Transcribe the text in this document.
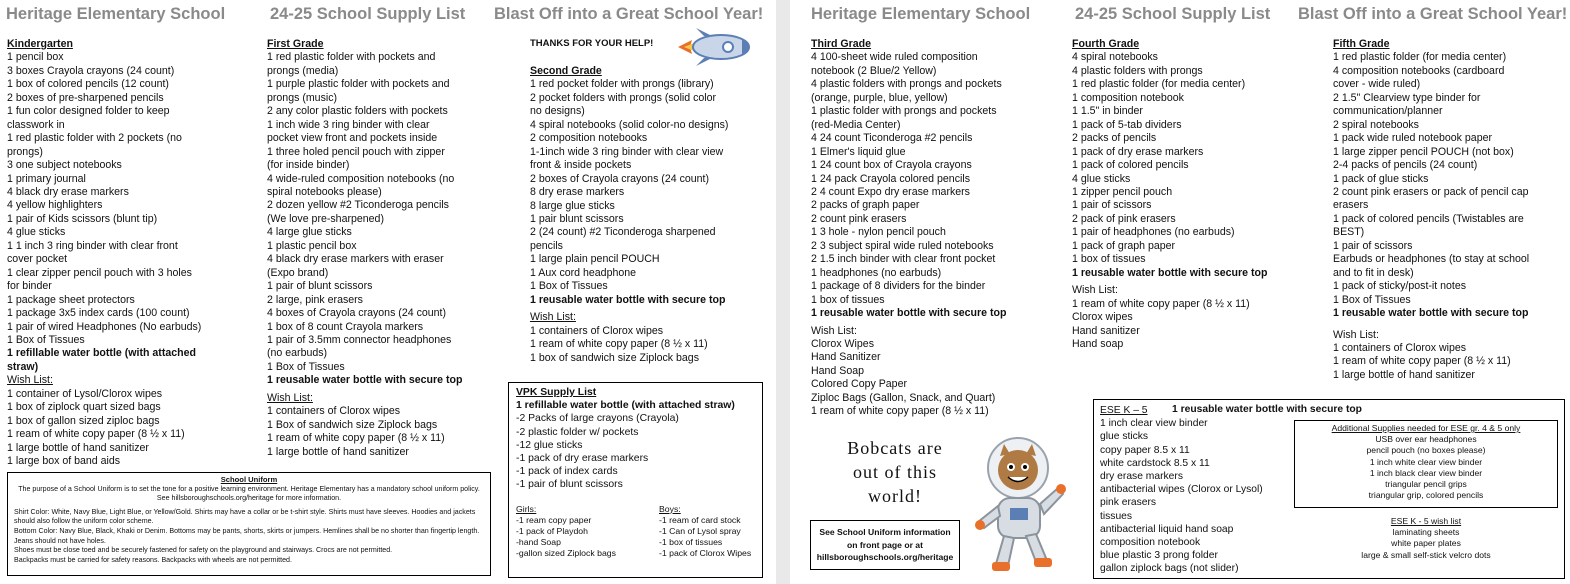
Heritage Elementary School	24-25 School Supply List Blast Off into a Great School Year!
Kindergarten
1 pencil box
3 boxes Crayola crayons (24 count)
1 box of colored pencils (12 count)
2 boxes of pre-sharpened pencils
1 fun color designed folder to keep
classwork in
1 red plastic folder with 2 pockets (no
prongs)
3 one subject notebooks
1 primary journal
4 black dry erase markers
4 yellow highlighters
1 pair of Kids scissors (blunt tip)
4 glue sticks
1 1 inch 3 ring binder with clear front
cover pocket
1 clear zipper pencil pouch with 3 holes
for binder
1 package sheet protectors
1 package 3x5 index cards (100 count)
1 pair of wired Headphones (No earbuds)
1 Box of Tissues
1 refillable water bottle (with attached
straw)
Wish List:
1 container of Lysol/Clorox wipes
1 box of ziplock quart sized bags
1 box of gallon sized ziploc bags
1 ream of white copy paper (8 ½ x 11)
1 large bottle of hand sanitizer
1 large box of band aids
First Grade
1 red plastic folder with pockets and
prongs (media)
1 purple plastic folder with pockets and
prongs (music)
2 any color plastic folders with pockets
1 inch wide 3 ring binder with clear
pocket view front and pockets inside
1 three holed pencil pouch with zipper
(for inside binder)
4 wide-ruled composition notebooks (no
spiral notebooks please)
2 dozen yellow #2 Ticonderoga pencils
(We love pre-sharpened)
4 large glue sticks
1 plastic pencil box
4 black dry erase markers with eraser
(Expo brand)
1 pair of blunt scissors
2 large, pink erasers
4 boxes of Crayola crayons (24 count)
1 box of 8 count Crayola markers
1 pair of 3.5mm connector headphones
(no earbuds)
1 Box of Tissues
1 reusable water bottle with secure top
Wish List:
1 containers of Clorox wipes
1 Box of sandwich size Ziplock bags
1 ream of white copy paper (8 ½ x 11)
1 large bottle of hand sanitizer
THANKS FOR YOUR HELP!
Second Grade
1 red pocket folder with prongs (library)
2 pocket folders with prongs (solid color
no designs)
4 spiral notebooks (solid color-no designs)
2 composition notebooks
1-1inch wide 3 ring binder with clear view
front & inside pockets
2 boxes of Crayola crayons (24 count)
8 dry erase markers
8 large glue sticks
1 pair blunt scissors
2 (24 count) #2 Ticonderoga sharpened
pencils
1 large plain pencil POUCH
1 Aux cord headphone
1 Box of Tissues
1 reusable water bottle with secure top
Wish List:
1 containers of Clorox wipes
1 ream of white copy paper (8 ½ x 11)
1 box of sandwich size Ziplock bags
VPK Supply List
1 refillable water bottle (with attached straw)
-2 Packs of large crayons (Crayola)
-2 plastic folder w/ pockets
-12 glue sticks
-1 pack of dry erase markers
-1 pack of index cards
-1 pair of blunt scissors
Girls:
-1 ream copy paper
-1 pack of Playdoh
-hand Soap
-gallon sized Ziplock bags
Boys:
-1 ream of card stock
-1 Can of Lysol spray
-1 box of tissues
-1 pack of Clorox Wipes
School Uniform
The purpose of a School Uniform is to set the tone for a positive learning environment. Heritage Elementary has a mandatory school uniform policy. See hillsboroughschools.org/heritage for more information.
Shirt Color: White, Navy Blue, Light Blue, or Yellow/Gold. Shirts may have a collar or be t-shirt style. Shirts must have sleeves. Hoodies and jackets should also follow the uniform color scheme.
Bottom Color: Navy Blue, Black, Khaki or Denim. Bottoms may be pants, shorts, skirts or jumpers. Hemlines shall be no shorter than fingertip length. Jeans should not have holes.
Shoes must be close toed and be securely fastened for safety on the playground and stairways. Crocs are not permitted.
Backpacks must be carried for safety reasons. Backpacks with wheels are not permitted.
Heritage Elementary School	24-25 School Supply List Blast Off into a Great School Year!
Third Grade
4 100-sheet wide ruled composition
notebook (2 Blue/2 Yellow)
4 plastic folders with prongs and pockets
(orange, purple, blue, yellow)
1 plastic folder with prongs and pockets
(red-Media Center)
4 24 count Ticonderoga #2 pencils
1 Elmer's liquid glue
1 24 count box of Crayola crayons
1 24 pack Crayola colored pencils
2 4 count Expo dry erase markers
2 packs of graph paper
2 count pink erasers
1 3 hole - nylon pencil pouch
2 3 subject spiral wide ruled notebooks
2 1.5 inch binder with clear front pocket
1 headphones (no earbuds)
1 package of 8 dividers for the binder
1 box of tissues
1 reusable water bottle with secure top
Wish List:
Clorox Wipes
Hand Sanitizer
Hand Soap
Colored Copy Paper
Ziploc Bags (Gallon, Snack, and Quart)
1 ream of white copy paper (8 ½ x 11)
Bobcats are
out of this
world!
See School Uniform information
on front page or at
hillsboroughschools.org/heritage
Fourth Grade
4 spiral notebooks
4 plastic folders with prongs
1 red plastic folder (for media center)
1 composition notebook
1 1.5" in binder
1 pack of 5-tab dividers
2 packs of pencils
1 pack of dry erase markers
1 pack of colored pencils
4 glue sticks
1 zipper pencil pouch
1 pair of scissors
2 pack of pink erasers
1 pair of headphones (no earbuds)
1 pack of graph paper
1 box of tissues
1 reusable water bottle with secure top
Wish List:
1 ream of white copy paper (8 ½ x 11)
Clorox wipes
Hand sanitizer
Hand soap
Fifth Grade
1 red plastic folder (for media center)
4 composition notebooks (cardboard
cover - wide ruled)
2 1.5" Clearview type binder for
communication/planner
2 spiral notebooks
1 pack wide ruled notebook paper
1 large zipper pencil POUCH (not box)
2-4 packs of pencils (24 count)
1 pack of glue sticks
2 count pink erasers or pack of pencil cap
erasers
1 pack of colored pencils (Twistables are
BEST)
1 pair of scissors
Earbuds or headphones (to stay at school
and to fit in desk)
1 pack of sticky/post-it notes
1 Box of Tissues
1 reusable water bottle with secure top
Wish List:
1 containers of Clorox wipes
1 ream of white copy paper (8 ½ x 11)
1 large bottle of hand sanitizer
ESE K – 5
1 inch clear view binder
glue sticks
copy paper 8.5 x 11
white cardstock 8.5 x 11
dry erase markers
antibacterial wipes (Clorox or Lysol)
pink erasers
tissues
antibacterial liquid hand soap
composition notebook
blue plastic 3 prong folder
gallon ziplock bags (not slider)
1 reusable water bottle with secure top
Additional Supplies needed for ESE gr. 4 & 5 only
USB over ear headphones
pencil pouch (no boxes please)
1 inch white clear view binder
1 inch black clear view binder
triangular pencil grips
triangular grip, colored pencils
ESE K - 5 wish list
laminating sheets
white paper plates
large & small self-stick velcro dots
